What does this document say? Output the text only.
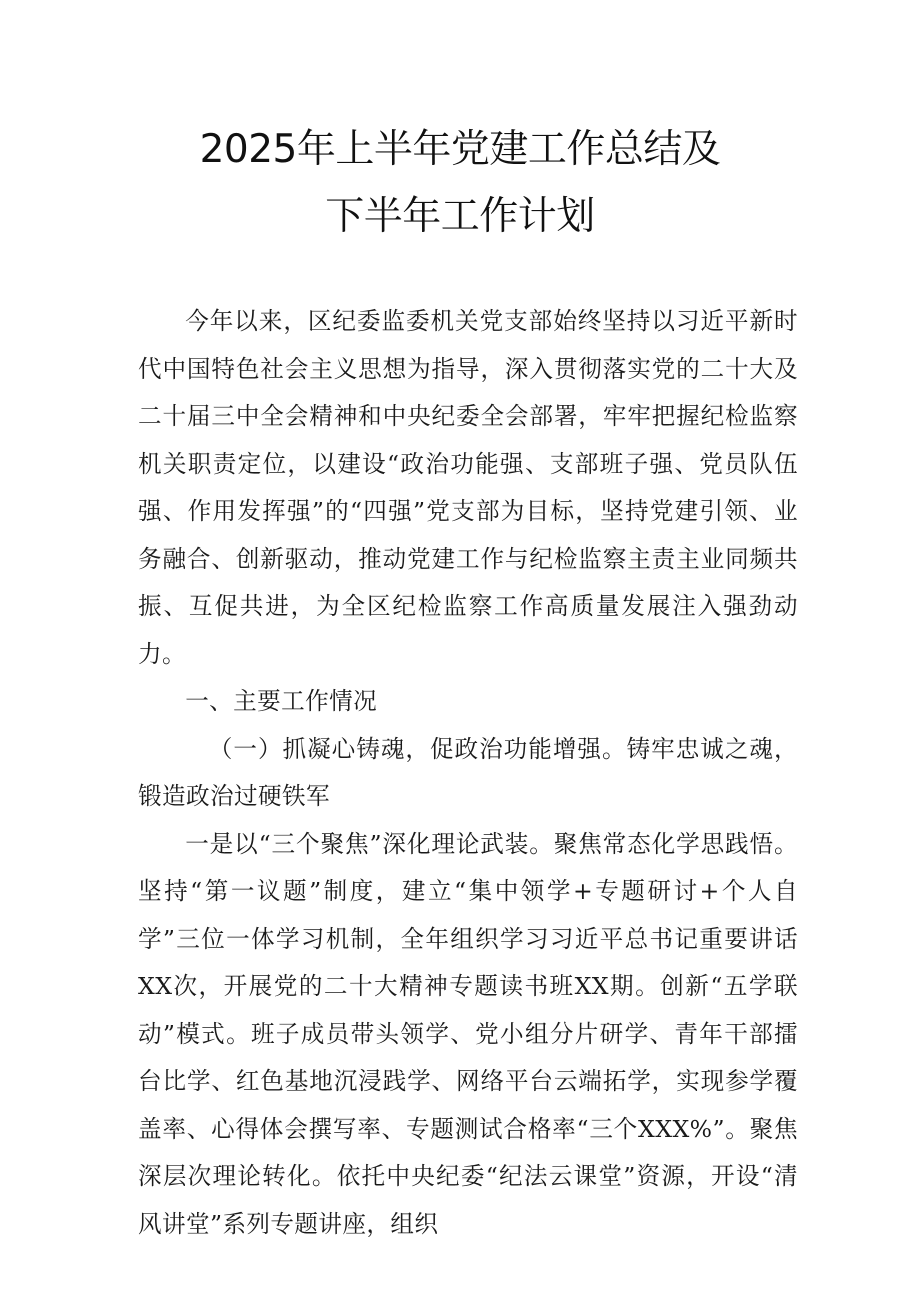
2025年上半年党建工作总结及
下半年工作计划

今年以来，区纪委监委机关党支部始终坚持以习近平新时代中国特色社会主义思想为指导，深入贯彻落实党的二十大及二十届三中全会精神和中央纪委全会部署，牢牢把握纪检监察机关职责定位，以建设“政治功能强、支部班子强、党员队伍强、作用发挥强”的“四强”党支部为目标，坚持党建引领、业务融合、创新驱动，推动党建工作与纪检监察主责主业同频共振、互促共进，为全区纪检监察工作高质量发展注入强劲动力。

一、主要工作情况

（一）抓凝心铸魂，促政治功能增强。铸牢忠诚之魂，锻造政治过硬铁军

一是以“三个聚焦”深化理论武装。聚焦常态化学思践悟。坚持“第一议题”制度，建立“集中领学+专题研讨+个人自学”三位一体学习机制，全年组织学习习近平总书记重要讲话XX次，开展党的二十大精神专题读书班XX期。创新“五学联动”模式。班子成员带头领学、党小组分片研学、青年干部擂台比学、红色基地沉浸践学、网络平台云端拓学，实现参学覆盖率、心得体会撰写率、专题测试合格率“三个XXX%”。聚焦深层次理论转化。依托中央纪委“纪法云课堂”资源，开设“清风讲堂”系列专题讲座，组织
